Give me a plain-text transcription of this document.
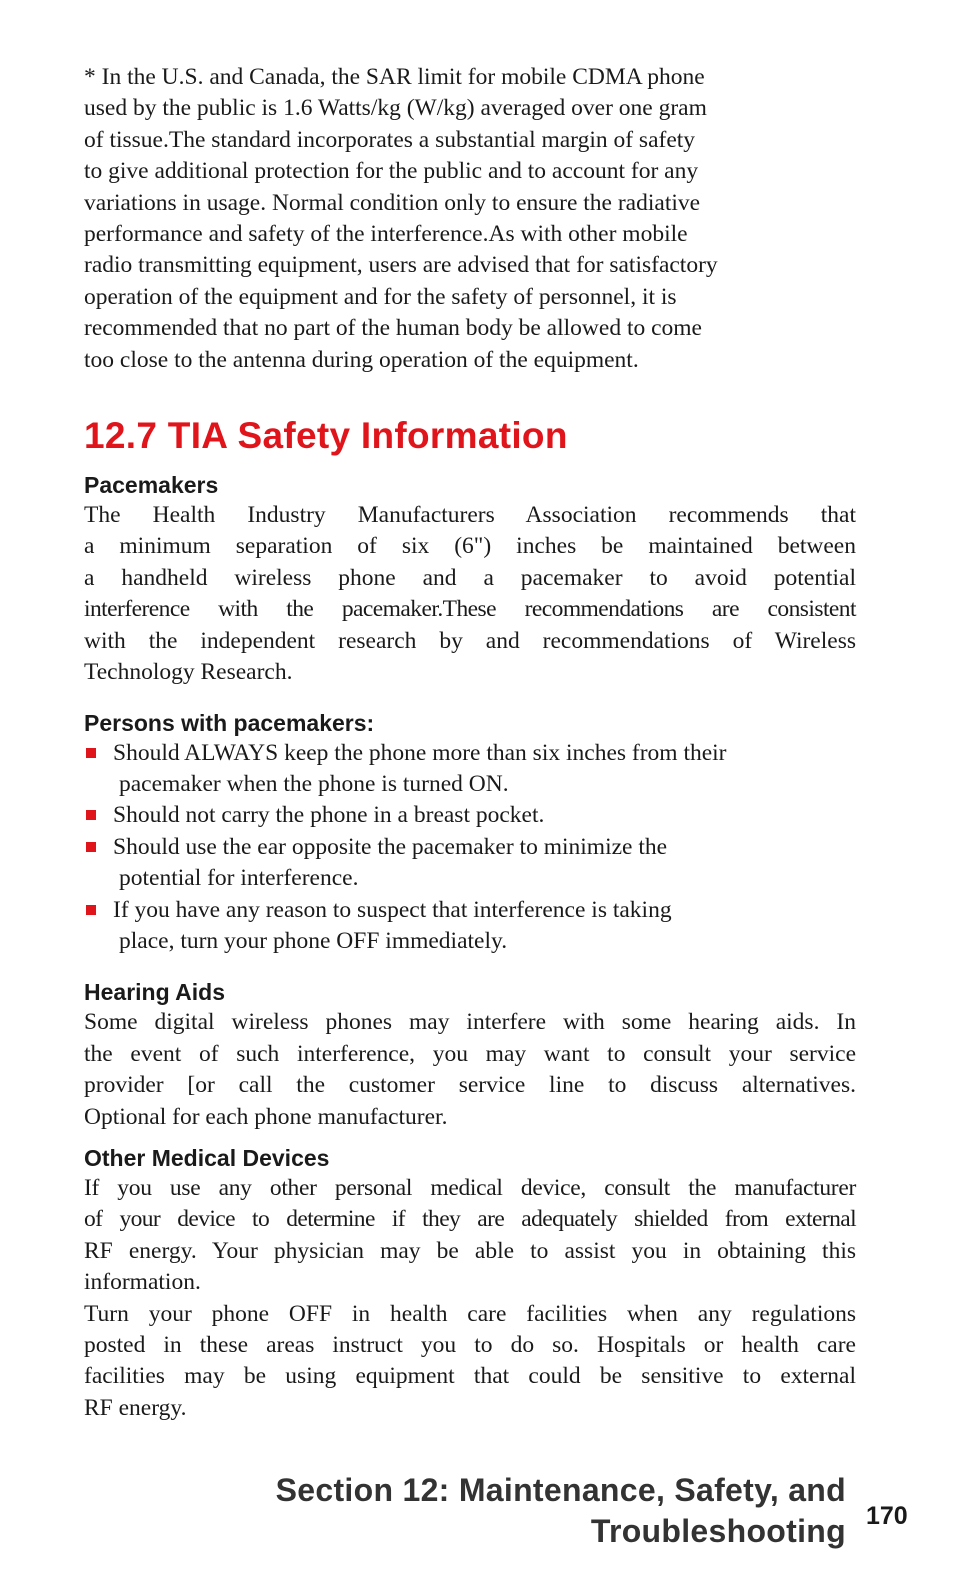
* In the U.S. and Canada, the SAR limit for mobile CDMA phone
used by the public is 1.6 Watts/kg (W/kg) averaged over one gram
of tissue.The standard incorporates a substantial margin of safety
to give additional protection for the public and to account for any
variations in usage. Normal condition only to ensure the radiative
performance and safety of the interference.As with other mobile
radio transmitting equipment, users are advised that for satisfactory
operation of the equipment and for the safety of personnel, it is
recommended that no part of the human body be allowed to come
too close to the antenna during operation of the equipment.

12.7 TIA Safety Information
Pacemakers

The Health Industry Manufacturers Association recommends that
a minimum separation of six (6") inches be maintained between
a handheld wireless phone and a pacemaker to avoid potential
interference with the pacemaker.These recommendations are consistent
with the independent research by and recommendations of Wireless
Technology Research.

Persons with pacemakers:
Should ALWAYS keep the phone more than six inches from their
pacemaker when the phone is turned ON.
Should not carry the phone in a breast pocket.
Should use the ear opposite the pacemaker to minimize the
potential for interference.
If you have any reason to suspect that interference is taking
place, turn your phone OFF immediately.
Hearing Aids

Some digital wireless phones may interfere with some hearing aids. In
the event of such interference, you may want to consult your service
provider [or call the customer service line to discuss alternatives.
Optional for each phone manufacturer.

Other Medical Devices

If you use any other personal medical device, consult the manufacturer
of your device to determine if they are adequately shielded from external
RF energy. Your physician may be able to assist you in obtaining this
information.

Turn your phone OFF in health care facilities when any regulations
posted in these areas instruct you to do so. Hospitals or health care
facilities may be using equipment that could be sensitive to external
RF energy.

Section 12: Maintenance, Safety, and
Troubleshooting 170
